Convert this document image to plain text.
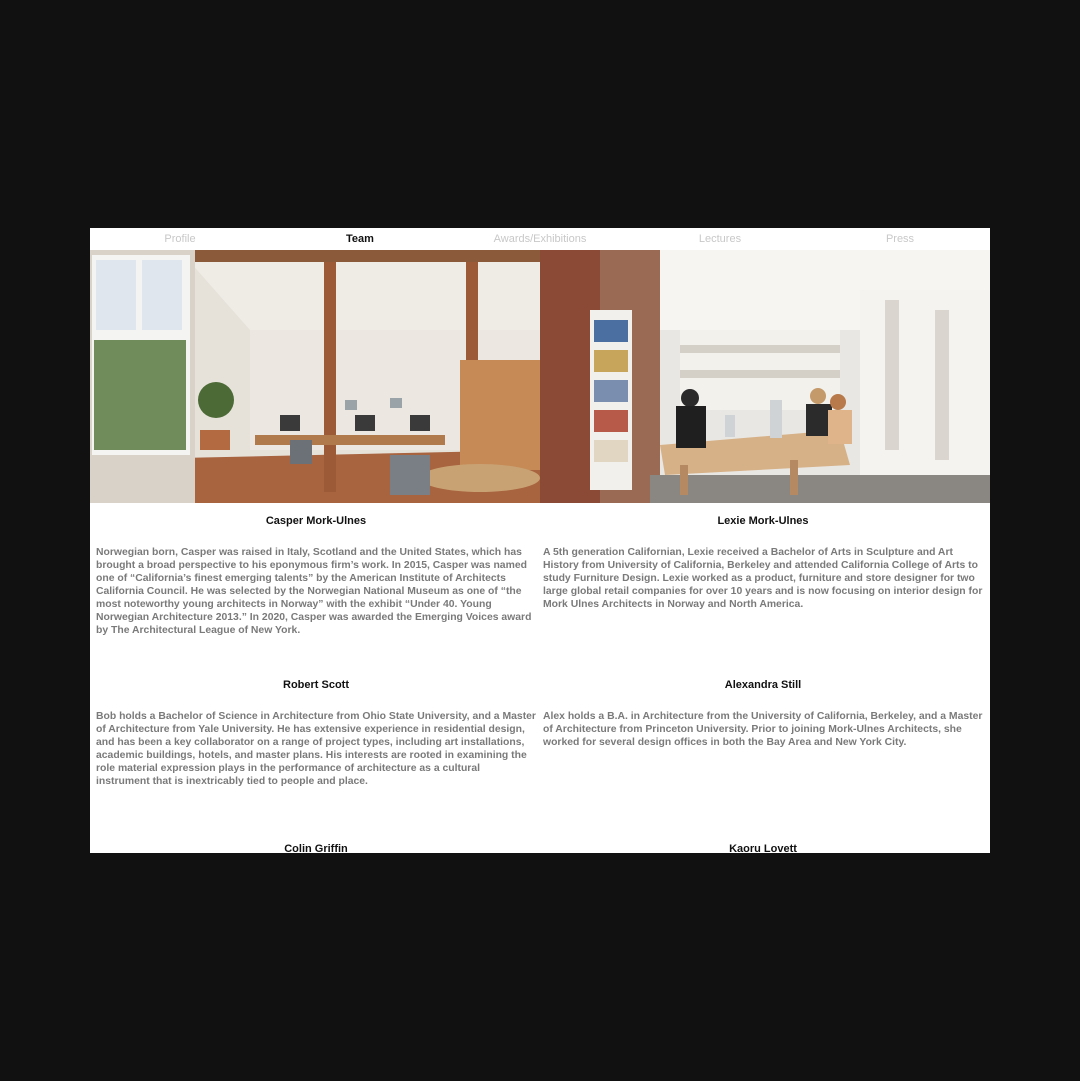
Profile	Team	Awards/Exhibitions	Lectures	Press

Casper Mork-Ulnes

Norwegian born, Casper was raised in Italy, Scotland and the United States, which has brought a broad perspective to his eponymous firm’s work. In 2015, Casper was named one of “California’s finest emerging talents” by the American Institute of Architects California Council. He was selected by the Norwegian National Museum as one of “the most noteworthy young architects in Norway” with the exhibit “Under 40. Young Norwegian Architecture 2013.” In 2020, Casper was awarded the Emerging Voices award by The Architectural League of New York.

Lexie Mork-Ulnes

A 5th generation Californian, Lexie received a Bachelor of Arts in Sculpture and Art History from University of California, Berkeley and attended California College of Arts to study Furniture Design. Lexie worked as a product, furniture and store designer for two large global retail companies for over 10 years and is now focusing on interior design for Mork Ulnes Architects in Norway and North America.

Robert Scott

Bob holds a Bachelor of Science in Architecture from Ohio State University, and a Master of Architecture from Yale University. He has extensive experience in residential design, and has been a key collaborator on a range of project types, including art installations, academic buildings, hotels, and master plans. His interests are rooted in examining the role material expression plays in the performance of architecture as a cultural instrument that is inextricably tied to people and place.

Alexandra Still

Alex holds a B.A. in Architecture from the University of California, Berkeley, and a Master of Architecture from Princeton University. Prior to joining Mork-Ulnes Architects, she worked for several design offices in both the Bay Area and New York City.

Colin Griffin	Kaoru Lovett
